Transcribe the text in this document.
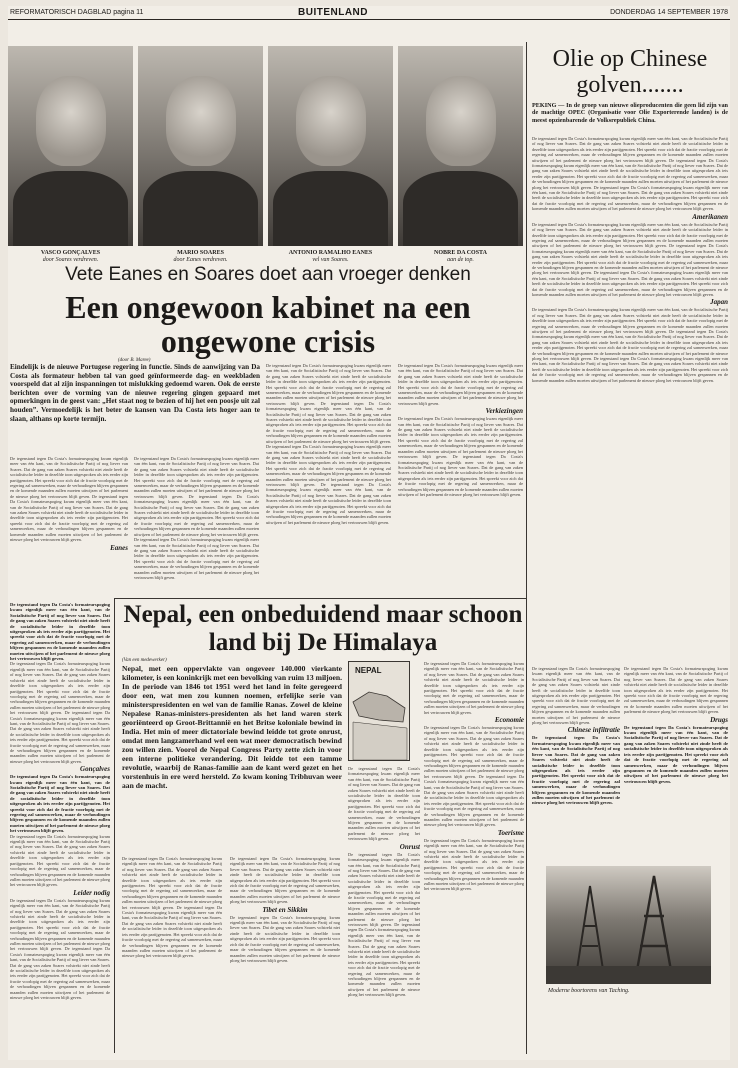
REFORMATORISCH DAGBLAD pagina 11	BUITENLAND	DONDERDAG 14 SEPTEMBER 1978
VASCO GONÇALVES
door Soares verdreven.
MARIO SOARES
door Eanes verdreven.
ANTONIO RAMALHO EANES
vel van Soares.
NOBRE DA COSTA
aan de top.
Vete Eanes en Soares doet aan vroeger denken
Een ongewoon kabinet na een ongewone crisis
(door B. Maree)
Eindelijk is de nieuwe Portugese regering in functie. Sinds de aanwijzing van Da Costa als formateur hebben tal van goed geïnformeerde dag- en weekbladen voorspeld dat al zijn inspanningen tot mislukking gedoemd waren. Ook de eerste berichten over de vorming van de nieuwe regering gingen gepaard met opmerkingen in de geest van: „Het staat nog te bezien of hij het een poosje uit zal houden”. Vermoedelijk is het beter de kansen van Da Costa iets hoger aan te slaan, althans op korte termijn.
De tegenstand tegen Da Costa's formateurspoging kwam eigenlijk meer van één kant, van de Socialistische Partij of nog liever van Soares. Dat de gang van zaken Soares volstrekt niet zinde heeft de socialistische leider in dezelfde toon uitgesproken als iets eerder zijn partijgenoten. Het spreekt voor zich dat de fractie voorlopig met de regering zal samenwerken, maar de verhoudingen blijven gespannen en de komende maanden zullen moeten uitwijzen of het parlement de nieuwe ploeg het vertrouwen blijft geven. De tegenstand tegen Da Costa's formateurspoging kwam eigenlijk meer van één kant, van de Socialistische Partij of nog liever van Soares. Dat de gang van zaken Soares volstrekt niet zinde heeft de socialistische leider in dezelfde toon uitgesproken als iets eerder zijn partijgenoten. Het spreekt voor zich dat de fractie voorlopig met de regering zal samenwerken, maar de verhoudingen blijven gespannen en de komende maanden zullen moeten uitwijzen of het parlement de nieuwe ploeg het vertrouwen blijft geven.
Eanes
De tegenstand tegen Da Costa's formateurspoging kwam eigenlijk meer van één kant, van de Socialistische Partij of nog liever van Soares. Dat de gang van zaken Soares volstrekt niet zinde heeft de socialistische leider in dezelfde toon uitgesproken als iets eerder zijn partijgenoten. Het spreekt voor zich dat de fractie voorlopig met de regering zal samenwerken, maar de verhoudingen blijven gespannen en de komende maanden zullen moeten uitwijzen of het parlement de nieuwe ploeg het vertrouwen blijft geven. De tegenstand tegen Da Costa's formateurspoging kwam eigenlijk meer van één kant, van de Socialistische Partij of nog liever van Soares. Dat de gang van zaken Soares volstrekt niet zinde heeft de socialistische leider in dezelfde toon uitgesproken als iets eerder zijn partijgenoten. Het spreekt voor zich dat de fractie voorlopig met de regering zal samenwerken, maar de verhoudingen blijven gespannen en de komende maanden zullen moeten uitwijzen of het parlement de nieuwe ploeg het vertrouwen blijft geven. De tegenstand tegen Da Costa's formateurspoging kwam eigenlijk meer van één kant, van de Socialistische Partij of nog liever van Soares. Dat de gang van zaken Soares volstrekt niet zinde heeft de socialistische leider in dezelfde toon uitgesproken als iets eerder zijn partijgenoten. Het spreekt voor zich dat de fractie voorlopig met de regering zal samenwerken, maar de verhoudingen blijven gespannen en de komende maanden zullen moeten uitwijzen of het parlement de nieuwe ploeg het vertrouwen blijft geven.
De tegenstand tegen Da Costa's formateurspoging kwam eigenlijk meer van één kant, van de Socialistische Partij of nog liever van Soares. Dat de gang van zaken Soares volstrekt niet zinde heeft de socialistische leider in dezelfde toon uitgesproken als iets eerder zijn partijgenoten. Het spreekt voor zich dat de fractie voorlopig met de regering zal samenwerken, maar de verhoudingen blijven gespannen en de komende maanden zullen moeten uitwijzen of het parlement de nieuwe ploeg het vertrouwen blijft geven. De tegenstand tegen Da Costa's formateurspoging kwam eigenlijk meer van één kant, van de Socialistische Partij of nog liever van Soares. Dat de gang van zaken Soares volstrekt niet zinde heeft de socialistische leider in dezelfde toon uitgesproken als iets eerder zijn partijgenoten. Het spreekt voor zich dat de fractie voorlopig met de regering zal samenwerken, maar de verhoudingen blijven gespannen en de komende maanden zullen moeten uitwijzen of het parlement de nieuwe ploeg het vertrouwen blijft geven. De tegenstand tegen Da Costa's formateurspoging kwam eigenlijk meer van één kant, van de Socialistische Partij of nog liever van Soares. Dat de gang van zaken Soares volstrekt niet zinde heeft de socialistische leider in dezelfde toon uitgesproken als iets eerder zijn partijgenoten. Het spreekt voor zich dat de fractie voorlopig met de regering zal samenwerken, maar de verhoudingen blijven gespannen en de komende maanden zullen moeten uitwijzen of het parlement de nieuwe ploeg het vertrouwen blijft geven. De tegenstand tegen Da Costa's formateurspoging kwam eigenlijk meer van één kant, van de Socialistische Partij of nog liever van Soares. Dat de gang van zaken Soares volstrekt niet zinde heeft de socialistische leider in dezelfde toon uitgesproken als iets eerder zijn partijgenoten. Het spreekt voor zich dat de fractie voorlopig met de regering zal samenwerken, maar de verhoudingen blijven gespannen en de komende maanden zullen moeten uitwijzen of het parlement de nieuwe ploeg het vertrouwen blijft geven.
De tegenstand tegen Da Costa's formateurspoging kwam eigenlijk meer van één kant, van de Socialistische Partij of nog liever van Soares. Dat de gang van zaken Soares volstrekt niet zinde heeft de socialistische leider in dezelfde toon uitgesproken als iets eerder zijn partijgenoten. Het spreekt voor zich dat de fractie voorlopig met de regering zal samenwerken, maar de verhoudingen blijven gespannen en de komende maanden zullen moeten uitwijzen of het parlement de nieuwe ploeg het vertrouwen blijft geven.
Verkiezingen
De tegenstand tegen Da Costa's formateurspoging kwam eigenlijk meer van één kant, van de Socialistische Partij of nog liever van Soares. Dat de gang van zaken Soares volstrekt niet zinde heeft de socialistische leider in dezelfde toon uitgesproken als iets eerder zijn partijgenoten. Het spreekt voor zich dat de fractie voorlopig met de regering zal samenwerken, maar de verhoudingen blijven gespannen en de komende maanden zullen moeten uitwijzen of het parlement de nieuwe ploeg het vertrouwen blijft geven. De tegenstand tegen Da Costa's formateurspoging kwam eigenlijk meer van één kant, van de Socialistische Partij of nog liever van Soares. Dat de gang van zaken Soares volstrekt niet zinde heeft de socialistische leider in dezelfde toon uitgesproken als iets eerder zijn partijgenoten. Het spreekt voor zich dat de fractie voorlopig met de regering zal samenwerken, maar de verhoudingen blijven gespannen en de komende maanden zullen moeten uitwijzen of het parlement de nieuwe ploeg het vertrouwen blijft geven.

De tegenstand tegen Da Costa's formateurspoging kwam eigenlijk meer van één kant, van de Socialistische Partij of nog liever van Soares. Dat de gang van zaken Soares volstrekt niet zinde heeft de socialistische leider in dezelfde toon uitgesproken als iets eerder zijn partijgenoten. Het spreekt voor zich dat de fractie voorlopig met de regering zal samenwerken, maar de verhoudingen blijven gespannen en de komende maanden zullen moeten uitwijzen of het parlement de nieuwe ploeg het vertrouwen blijft geven.

De tegenstand tegen Da Costa's formateurspoging kwam eigenlijk meer van één kant, van de Socialistische Partij of nog liever van Soares. Dat de gang van zaken Soares volstrekt niet zinde heeft de socialistische leider in dezelfde toon uitgesproken als iets eerder zijn partijgenoten. Het spreekt voor zich dat de fractie voorlopig met de regering zal samenwerken, maar de verhoudingen blijven gespannen en de komende maanden zullen moeten uitwijzen of het parlement de nieuwe ploeg het vertrouwen blijft geven. De tegenstand tegen Da Costa's formateurspoging kwam eigenlijk meer van één kant, van de Socialistische Partij of nog liever van Soares. Dat de gang van zaken Soares volstrekt niet zinde heeft de socialistische leider in dezelfde toon uitgesproken als iets eerder zijn partijgenoten. Het spreekt voor zich dat de fractie voorlopig met de regering zal samenwerken, maar de verhoudingen blijven gespannen en de komende maanden zullen moeten uitwijzen of het parlement de nieuwe ploeg het vertrouwen blijft geven.
Gonçalves

De tegenstand tegen Da Costa's formateurspoging kwam eigenlijk meer van één kant, van de Socialistische Partij of nog liever van Soares. Dat de gang van zaken Soares volstrekt niet zinde heeft de socialistische leider in dezelfde toon uitgesproken als iets eerder zijn partijgenoten. Het spreekt voor zich dat de fractie voorlopig met de regering zal samenwerken, maar de verhoudingen blijven gespannen en de komende maanden zullen moeten uitwijzen of het parlement de nieuwe ploeg het vertrouwen blijft geven.

De tegenstand tegen Da Costa's formateurspoging kwam eigenlijk meer van één kant, van de Socialistische Partij of nog liever van Soares. Dat de gang van zaken Soares volstrekt niet zinde heeft de socialistische leider in dezelfde toon uitgesproken als iets eerder zijn partijgenoten. Het spreekt voor zich dat de fractie voorlopig met de regering zal samenwerken, maar de verhoudingen blijven gespannen en de komende maanden zullen moeten uitwijzen of het parlement de nieuwe ploeg het vertrouwen blijft geven.
Leider nodig
De tegenstand tegen Da Costa's formateurspoging kwam eigenlijk meer van één kant, van de Socialistische Partij of nog liever van Soares. Dat de gang van zaken Soares volstrekt niet zinde heeft de socialistische leider in dezelfde toon uitgesproken als iets eerder zijn partijgenoten. Het spreekt voor zich dat de fractie voorlopig met de regering zal samenwerken, maar de verhoudingen blijven gespannen en de komende maanden zullen moeten uitwijzen of het parlement de nieuwe ploeg het vertrouwen blijft geven. De tegenstand tegen Da Costa's formateurspoging kwam eigenlijk meer van één kant, van de Socialistische Partij of nog liever van Soares. Dat de gang van zaken Soares volstrekt niet zinde heeft de socialistische leider in dezelfde toon uitgesproken als iets eerder zijn partijgenoten. Het spreekt voor zich dat de fractie voorlopig met de regering zal samenwerken, maar de verhoudingen blijven gespannen en de komende maanden zullen moeten uitwijzen of het parlement de nieuwe ploeg het vertrouwen blijft geven.
Nepal, een onbeduidend maar schoon land bij De Himalaya
(Van een medewerker)
Nepal, met een oppervlakte van ongeveer 140.000 vierkante kilometer, is een koninkrijk met een bevolking van ruim 13 miljoen. In de periode van 1846 tot 1951 werd het land in feite geregeerd door een, wat men zou kunnen noemen, erfelijke serie van ministerspresidenten en wel van de familie Ranas. Zowel de kleine Nepalese Ranas-ministers-presidenten als het land waren sterk georiënteerd op Groot-Brittannië en het Britse koloniale bewind in India. Het min of meer dictatoriale bewind leidde tot grote onrust, omdat men langzamerhand wel een wat meer democratisch bewind zou willen zien. Voorol de Nepal Congress Party zette zich in voor een interne politieke verandering. Dit leidde tot een tamme revolutie, waarbij de Ranas-familie aan de kant werd gezet en het vorstenhuis in ere werd hersteld. Zo kwam koning Tribhuvan weer aan de macht.
NEPAL
De tegenstand tegen Da Costa's formateurspoging kwam eigenlijk meer van één kant, van de Socialistische Partij of nog liever van Soares. Dat de gang van zaken Soares volstrekt niet zinde heeft de socialistische leider in dezelfde toon uitgesproken als iets eerder zijn partijgenoten. Het spreekt voor zich dat de fractie voorlopig met de regering zal samenwerken, maar de verhoudingen blijven gespannen en de komende maanden zullen moeten uitwijzen of het parlement de nieuwe ploeg het vertrouwen blijft geven. De tegenstand tegen Da Costa's formateurspoging kwam eigenlijk meer van één kant, van de Socialistische Partij of nog liever van Soares. Dat de gang van zaken Soares volstrekt niet zinde heeft de socialistische leider in dezelfde toon uitgesproken als iets eerder zijn partijgenoten. Het spreekt voor zich dat de fractie voorlopig met de regering zal samenwerken, maar de verhoudingen blijven gespannen en de komende maanden zullen moeten uitwijzen of het parlement de nieuwe ploeg het vertrouwen blijft geven.
De tegenstand tegen Da Costa's formateurspoging kwam eigenlijk meer van één kant, van de Socialistische Partij of nog liever van Soares. Dat de gang van zaken Soares volstrekt niet zinde heeft de socialistische leider in dezelfde toon uitgesproken als iets eerder zijn partijgenoten. Het spreekt voor zich dat de fractie voorlopig met de regering zal samenwerken, maar de verhoudingen blijven gespannen en de komende maanden zullen moeten uitwijzen of het parlement de nieuwe ploeg het vertrouwen blijft geven.
Tibet en Sikkim
De tegenstand tegen Da Costa's formateurspoging kwam eigenlijk meer van één kant, van de Socialistische Partij of nog liever van Soares. Dat de gang van zaken Soares volstrekt niet zinde heeft de socialistische leider in dezelfde toon uitgesproken als iets eerder zijn partijgenoten. Het spreekt voor zich dat de fractie voorlopig met de regering zal samenwerken, maar de verhoudingen blijven gespannen en de komende maanden zullen moeten uitwijzen of het parlement de nieuwe ploeg het vertrouwen blijft geven.
De tegenstand tegen Da Costa's formateurspoging kwam eigenlijk meer van één kant, van de Socialistische Partij of nog liever van Soares. Dat de gang van zaken Soares volstrekt niet zinde heeft de socialistische leider in dezelfde toon uitgesproken als iets eerder zijn partijgenoten. Het spreekt voor zich dat de fractie voorlopig met de regering zal samenwerken, maar de verhoudingen blijven gespannen en de komende maanden zullen moeten uitwijzen of het parlement de nieuwe ploeg het vertrouwen blijft geven.
Onrust
De tegenstand tegen Da Costa's formateurspoging kwam eigenlijk meer van één kant, van de Socialistische Partij of nog liever van Soares. Dat de gang van zaken Soares volstrekt niet zinde heeft de socialistische leider in dezelfde toon uitgesproken als iets eerder zijn partijgenoten. Het spreekt voor zich dat de fractie voorlopig met de regering zal samenwerken, maar de verhoudingen blijven gespannen en de komende maanden zullen moeten uitwijzen of het parlement de nieuwe ploeg het vertrouwen blijft geven. De tegenstand tegen Da Costa's formateurspoging kwam eigenlijk meer van één kant, van de Socialistische Partij of nog liever van Soares. Dat de gang van zaken Soares volstrekt niet zinde heeft de socialistische leider in dezelfde toon uitgesproken als iets eerder zijn partijgenoten. Het spreekt voor zich dat de fractie voorlopig met de regering zal samenwerken, maar de verhoudingen blijven gespannen en de komende maanden zullen moeten uitwijzen of het parlement de nieuwe ploeg het vertrouwen blijft geven.
De tegenstand tegen Da Costa's formateurspoging kwam eigenlijk meer van één kant, van de Socialistische Partij of nog liever van Soares. Dat de gang van zaken Soares volstrekt niet zinde heeft de socialistische leider in dezelfde toon uitgesproken als iets eerder zijn partijgenoten. Het spreekt voor zich dat de fractie voorlopig met de regering zal samenwerken, maar de verhoudingen blijven gespannen en de komende maanden zullen moeten uitwijzen of het parlement de nieuwe ploeg het vertrouwen blijft geven.
Economie
De tegenstand tegen Da Costa's formateurspoging kwam eigenlijk meer van één kant, van de Socialistische Partij of nog liever van Soares. Dat de gang van zaken Soares volstrekt niet zinde heeft de socialistische leider in dezelfde toon uitgesproken als iets eerder zijn partijgenoten. Het spreekt voor zich dat de fractie voorlopig met de regering zal samenwerken, maar de verhoudingen blijven gespannen en de komende maanden zullen moeten uitwijzen of het parlement de nieuwe ploeg het vertrouwen blijft geven. De tegenstand tegen Da Costa's formateurspoging kwam eigenlijk meer van één kant, van de Socialistische Partij of nog liever van Soares. Dat de gang van zaken Soares volstrekt niet zinde heeft de socialistische leider in dezelfde toon uitgesproken als iets eerder zijn partijgenoten. Het spreekt voor zich dat de fractie voorlopig met de regering zal samenwerken, maar de verhoudingen blijven gespannen en de komende maanden zullen moeten uitwijzen of het parlement de nieuwe ploeg het vertrouwen blijft geven.
Toerisme
De tegenstand tegen Da Costa's formateurspoging kwam eigenlijk meer van één kant, van de Socialistische Partij of nog liever van Soares. Dat de gang van zaken Soares volstrekt niet zinde heeft de socialistische leider in dezelfde toon uitgesproken als iets eerder zijn partijgenoten. Het spreekt voor zich dat de fractie voorlopig met de regering zal samenwerken, maar de verhoudingen blijven gespannen en de komende maanden zullen moeten uitwijzen of het parlement de nieuwe ploeg het vertrouwen blijft geven.
Olie op Chinese golven.......
PEKING — In de groep van nieuwe olieproducenten die geen lid zijn van de machtige OPEC (Organisatie voor Olie Exporterende landen) is de meest opzienbarende de Volksrepubliek China.
De tegenstand tegen Da Costa's formateurspoging kwam eigenlijk meer van één kant, van de Socialistische Partij of nog liever van Soares. Dat de gang van zaken Soares volstrekt niet zinde heeft de socialistische leider in dezelfde toon uitgesproken als iets eerder zijn partijgenoten. Het spreekt voor zich dat de fractie voorlopig met de regering zal samenwerken, maar de verhoudingen blijven gespannen en de komende maanden zullen moeten uitwijzen of het parlement de nieuwe ploeg het vertrouwen blijft geven. De tegenstand tegen Da Costa's formateurspoging kwam eigenlijk meer van één kant, van de Socialistische Partij of nog liever van Soares. Dat de gang van zaken Soares volstrekt niet zinde heeft de socialistische leider in dezelfde toon uitgesproken als iets eerder zijn partijgenoten. Het spreekt voor zich dat de fractie voorlopig met de regering zal samenwerken, maar de verhoudingen blijven gespannen en de komende maanden zullen moeten uitwijzen of het parlement de nieuwe ploeg het vertrouwen blijft geven. De tegenstand tegen Da Costa's formateurspoging kwam eigenlijk meer van één kant, van de Socialistische Partij of nog liever van Soares. Dat de gang van zaken Soares volstrekt niet zinde heeft de socialistische leider in dezelfde toon uitgesproken als iets eerder zijn partijgenoten. Het spreekt voor zich dat de fractie voorlopig met de regering zal samenwerken, maar de verhoudingen blijven gespannen en de komende maanden zullen moeten uitwijzen of het parlement de nieuwe ploeg het vertrouwen blijft geven.
Amerikanen
De tegenstand tegen Da Costa's formateurspoging kwam eigenlijk meer van één kant, van de Socialistische Partij of nog liever van Soares. Dat de gang van zaken Soares volstrekt niet zinde heeft de socialistische leider in dezelfde toon uitgesproken als iets eerder zijn partijgenoten. Het spreekt voor zich dat de fractie voorlopig met de regering zal samenwerken, maar de verhoudingen blijven gespannen en de komende maanden zullen moeten uitwijzen of het parlement de nieuwe ploeg het vertrouwen blijft geven. De tegenstand tegen Da Costa's formateurspoging kwam eigenlijk meer van één kant, van de Socialistische Partij of nog liever van Soares. Dat de gang van zaken Soares volstrekt niet zinde heeft de socialistische leider in dezelfde toon uitgesproken als iets eerder zijn partijgenoten. Het spreekt voor zich dat de fractie voorlopig met de regering zal samenwerken, maar de verhoudingen blijven gespannen en de komende maanden zullen moeten uitwijzen of het parlement de nieuwe ploeg het vertrouwen blijft geven. De tegenstand tegen Da Costa's formateurspoging kwam eigenlijk meer van één kant, van de Socialistische Partij of nog liever van Soares. Dat de gang van zaken Soares volstrekt niet zinde heeft de socialistische leider in dezelfde toon uitgesproken als iets eerder zijn partijgenoten. Het spreekt voor zich dat de fractie voorlopig met de regering zal samenwerken, maar de verhoudingen blijven gespannen en de komende maanden zullen moeten uitwijzen of het parlement de nieuwe ploeg het vertrouwen blijft geven.
Japan
De tegenstand tegen Da Costa's formateurspoging kwam eigenlijk meer van één kant, van de Socialistische Partij of nog liever van Soares. Dat de gang van zaken Soares volstrekt niet zinde heeft de socialistische leider in dezelfde toon uitgesproken als iets eerder zijn partijgenoten. Het spreekt voor zich dat de fractie voorlopig met de regering zal samenwerken, maar de verhoudingen blijven gespannen en de komende maanden zullen moeten uitwijzen of het parlement de nieuwe ploeg het vertrouwen blijft geven. De tegenstand tegen Da Costa's formateurspoging kwam eigenlijk meer van één kant, van de Socialistische Partij of nog liever van Soares. Dat de gang van zaken Soares volstrekt niet zinde heeft de socialistische leider in dezelfde toon uitgesproken als iets eerder zijn partijgenoten. Het spreekt voor zich dat de fractie voorlopig met de regering zal samenwerken, maar de verhoudingen blijven gespannen en de komende maanden zullen moeten uitwijzen of het parlement de nieuwe ploeg het vertrouwen blijft geven. De tegenstand tegen Da Costa's formateurspoging kwam eigenlijk meer van één kant, van de Socialistische Partij of nog liever van Soares. Dat de gang van zaken Soares volstrekt niet zinde heeft de socialistische leider in dezelfde toon uitgesproken als iets eerder zijn partijgenoten. Het spreekt voor zich dat de fractie voorlopig met de regering zal samenwerken, maar de verhoudingen blijven gespannen en de komende maanden zullen moeten uitwijzen of het parlement de nieuwe ploeg het vertrouwen blijft geven.
Moderne boortorens van Taching.
De tegenstand tegen Da Costa's formateurspoging kwam eigenlijk meer van één kant, van de Socialistische Partij of nog liever van Soares. Dat de gang van zaken Soares volstrekt niet zinde heeft de socialistische leider in dezelfde toon uitgesproken als iets eerder zijn partijgenoten. Het spreekt voor zich dat de fractie voorlopig met de regering zal samenwerken, maar de verhoudingen blijven gespannen en de komende maanden zullen moeten uitwijzen of het parlement de nieuwe ploeg het vertrouwen blijft geven.
Drugs

De tegenstand tegen Da Costa's formateurspoging kwam eigenlijk meer van één kant, van de Socialistische Partij of nog liever van Soares. Dat de gang van zaken Soares volstrekt niet zinde heeft de socialistische leider in dezelfde toon uitgesproken als iets eerder zijn partijgenoten. Het spreekt voor zich dat de fractie voorlopig met de regering zal samenwerken, maar de verhoudingen blijven gespannen en de komende maanden zullen moeten uitwijzen of het parlement de nieuwe ploeg het vertrouwen blijft geven.

De tegenstand tegen Da Costa's formateurspoging kwam eigenlijk meer van één kant, van de Socialistische Partij of nog liever van Soares. Dat de gang van zaken Soares volstrekt niet zinde heeft de socialistische leider in dezelfde toon uitgesproken als iets eerder zijn partijgenoten. Het spreekt voor zich dat de fractie voorlopig met de regering zal samenwerken, maar de verhoudingen blijven gespannen en de komende maanden zullen moeten uitwijzen of het parlement de nieuwe ploeg het vertrouwen blijft geven.
Chinese infiltratie

De tegenstand tegen Da Costa's formateurspoging kwam eigenlijk meer van één kant, van de Socialistische Partij of nog liever van Soares. Dat de gang van zaken Soares volstrekt niet zinde heeft de socialistische leider in dezelfde toon uitgesproken als iets eerder zijn partijgenoten. Het spreekt voor zich dat de fractie voorlopig met de regering zal samenwerken, maar de verhoudingen blijven gespannen en de komende maanden zullen moeten uitwijzen of het parlement de nieuwe ploeg het vertrouwen blijft geven.
